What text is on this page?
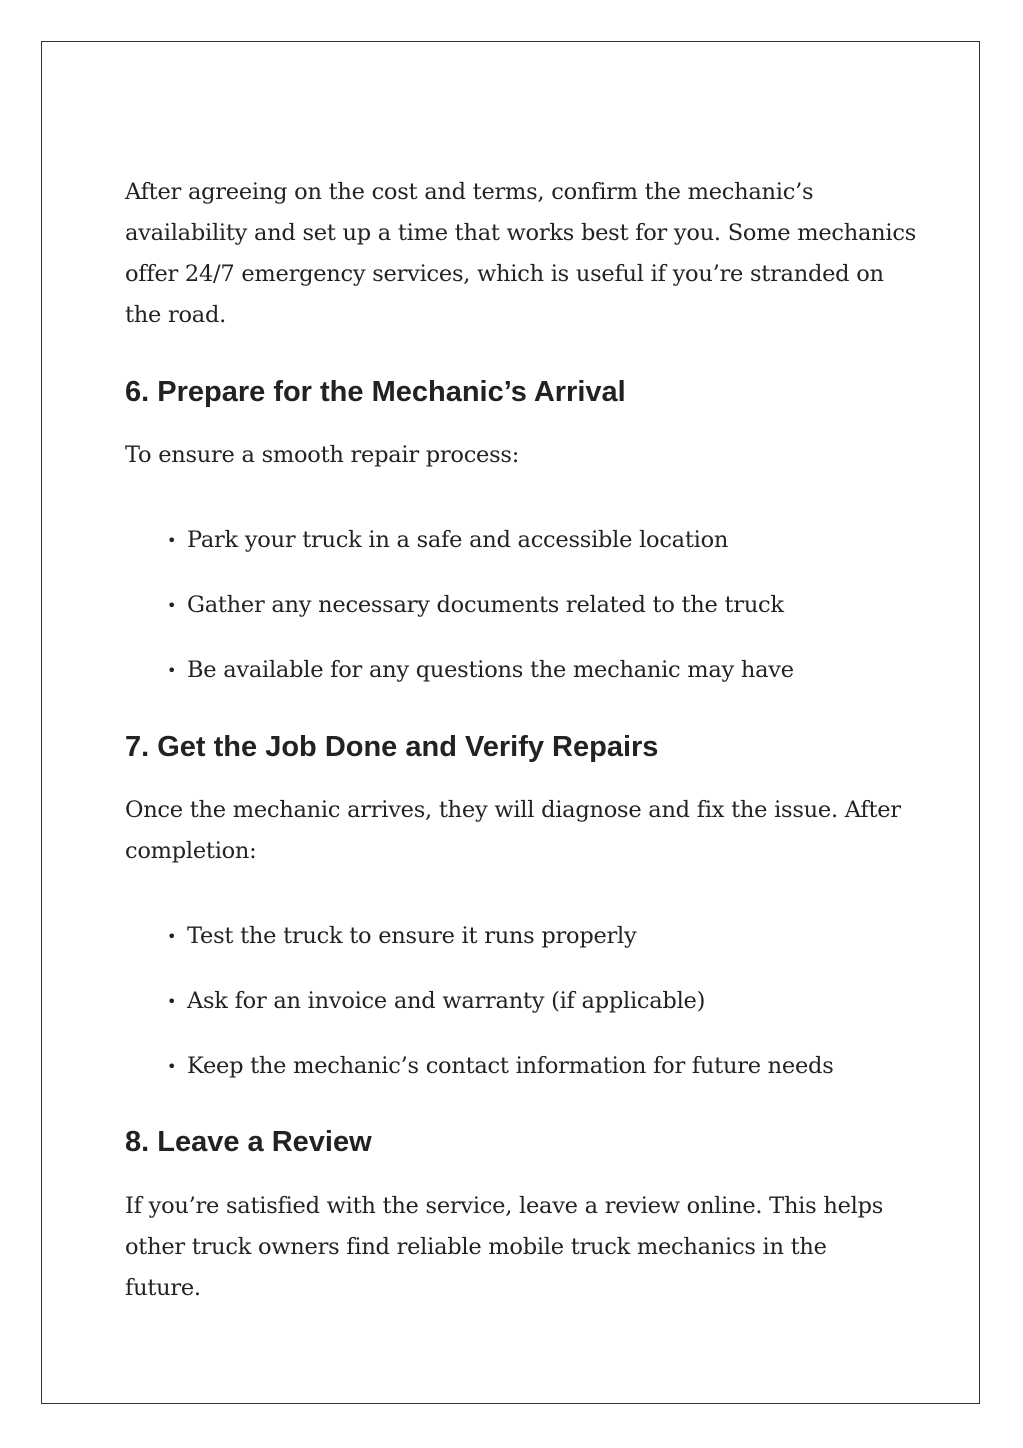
After agreeing on the cost and terms, confirm the mechanic’s availability and set up a time that works best for you. Some mechanics offer 24/7 emergency services, which is useful if you’re stranded on the road.

6. Prepare for the Mechanic’s Arrival

To ensure a smooth repair process:

• Park your truck in a safe and accessible location
• Gather any necessary documents related to the truck
• Be available for any questions the mechanic may have
7. Get the Job Done and Verify Repairs

Once the mechanic arrives, they will diagnose and fix the issue. After completion:

• Test the truck to ensure it runs properly
• Ask for an invoice and warranty (if applicable)
• Keep the mechanic’s contact information for future needs
8. Leave a Review

If you’re satisfied with the service, leave a review online. This helps other truck owners find reliable mobile truck mechanics in the future.
